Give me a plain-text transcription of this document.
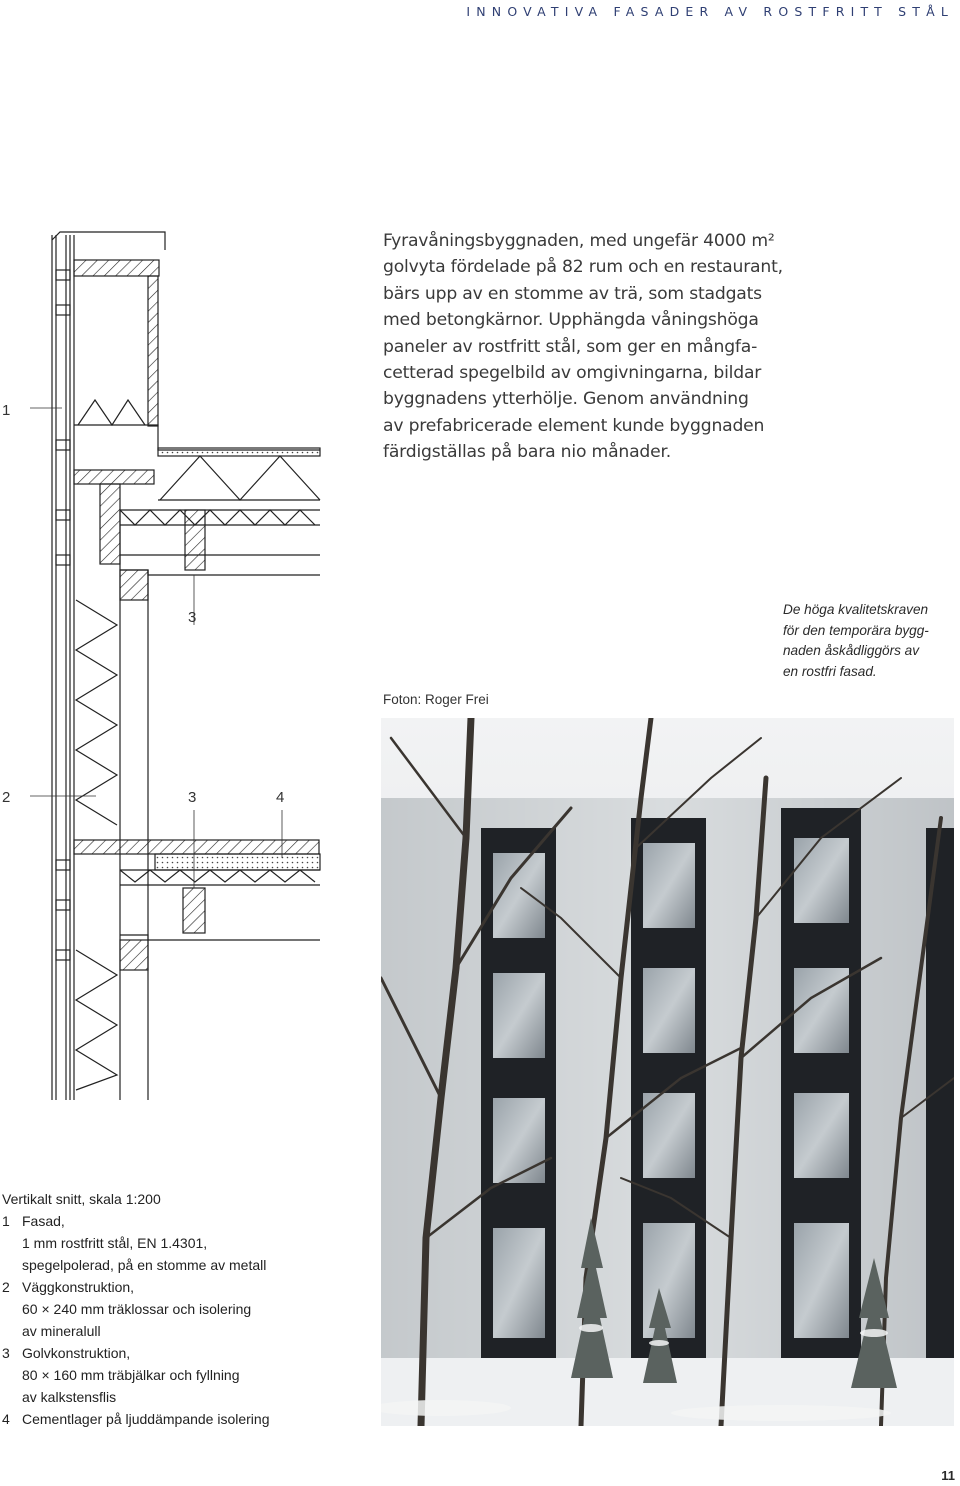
INNOVATIVA FASADER AV ROSTFRITT STÅL
1
3
2	3	4
Fyravåningsbyggnaden, med ungefär 4000 m²
golvyta fördelade på 82 rum och en restaurant,
bärs upp av en stomme av trä, som stadgats
med betongkärnor. Upphängda våningshöga
paneler av rostfritt stål, som ger en mångfa-
cetterad spegelbild av omgivningarna, bildar
byggnadens ytterhölje. Genom användning
av prefabricerade element kunde byggnaden
färdigställas på bara nio månader.
De höga kvalitetskraven
för den temporära bygg-
naden åskådliggörs av
en rostfri fasad.
Foton: Roger Frei
Vertikalt snitt, skala 1:200
1 Fasad,
1 mm rostfritt stål, EN 1.4301,
spegelpolerad, på en stomme av metall
2 Väggkonstruktion,
60 × 240 mm träklossar och isolering
av mineralull
3 Golvkonstruktion,
80 × 160 mm träbjälkar och fyllning
av kalkstensflis
4 Cementlager på ljuddämpande isolering
11
